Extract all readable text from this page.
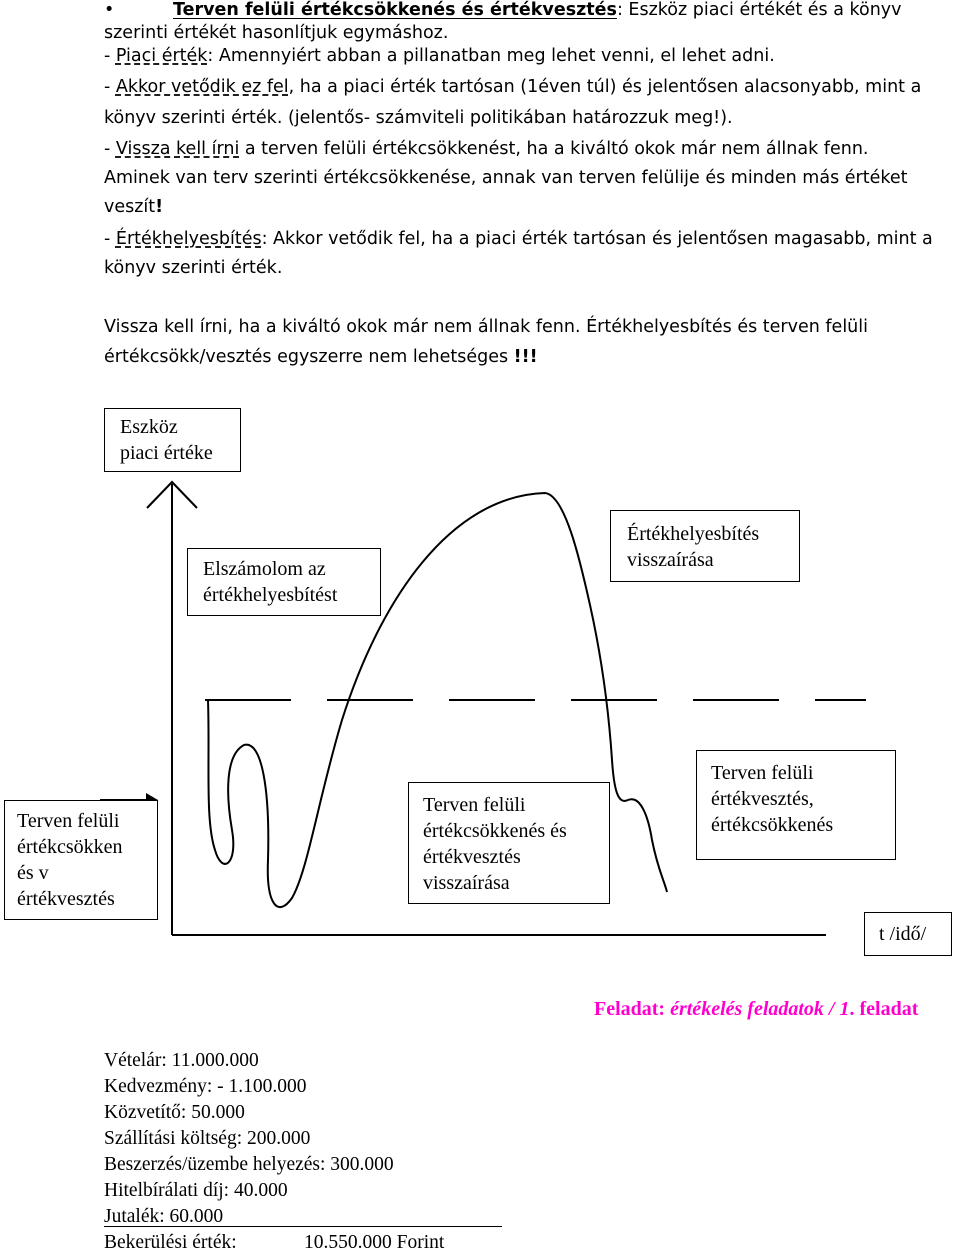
•	Terven felüli értékcsökkenés és értékvesztés: Eszköz piaci értékét és a könyv
szerinti értékét hasonlítjuk egymáshoz.
- Piaci érték: Amennyiért abban a pillanatban meg lehet venni, el lehet adni.
- Akkor vetődik ez fel, ha a piaci érték tartósan (1éven túl) és jelentősen alacsonyabb, mint a
könyv szerinti érték. (jelentős- számviteli politikában határozzuk meg!).
- Vissza kell írni a terven felüli értékcsökkenést, ha a kiváltó okok már nem állnak fenn.
Aminek van terv szerinti értékcsökkenése, annak van terven felülije és minden más értéket
veszít!
- Értékhelyesbítés: Akkor vetődik fel, ha a piaci érték tartósan és jelentősen magasabb, mint a
könyv szerinti érték.
Vissza kell írni, ha a kiváltó okok már nem állnak fenn. Értékhelyesbítés és terven felüli
értékcsökk/vesztés egyszerre nem lehetséges !!!
Eszköz
piaci értéke
Elszámolom az
értékhelyesbítést
Értékhelyesbítés
visszaírása
Terven felüli
értékcsökken
és v
értékvesztés
Terven felüli
értékcsökkenés és
értékvesztés
visszaírása
Terven felüli
értékvesztés,
értékcsökkenés
t /idő/
Feladat: értékelés feladatok / 1. feladat
Vételár: 11.000.000
Kedvezmény: - 1.100.000
Közvetítő: 50.000
Szállítási költség: 200.000
Beszerzés/üzembe helyezés: 300.000
Hitelbírálati díj: 40.000
Jutalék: 60.000
Bekerülési érték:	10.550.000 Forint
